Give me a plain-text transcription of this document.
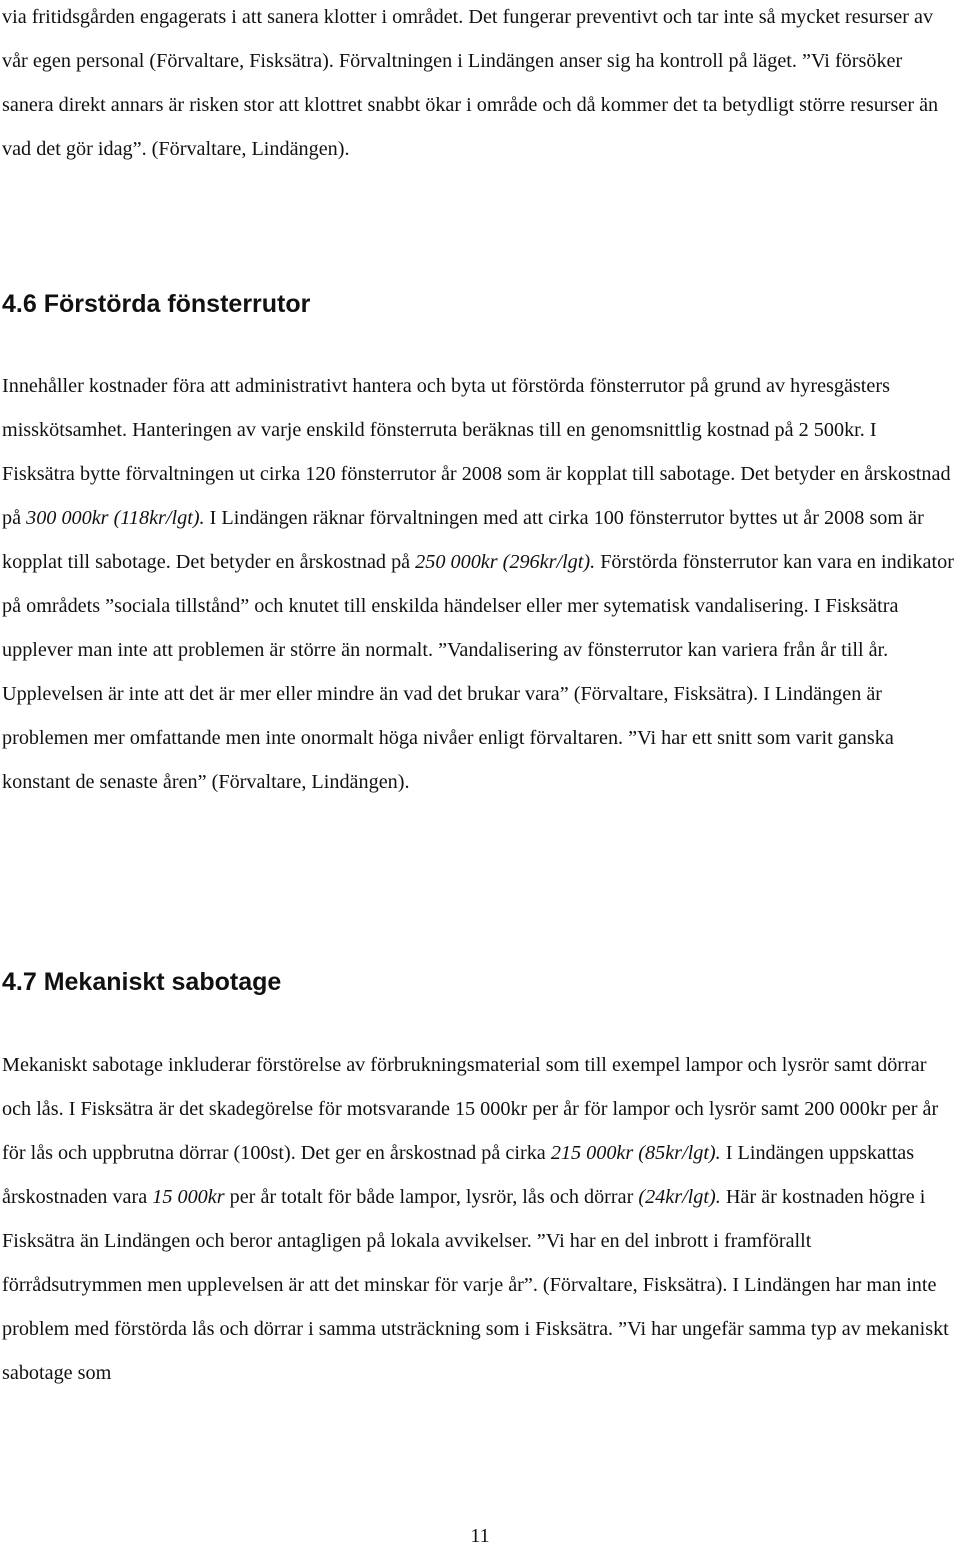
via fritidsgården engagerats i att sanera klotter i området. Det fungerar preventivt och tar inte så mycket resurser av vår egen personal (Förvaltare, Fisksätra). Förvaltningen i Lindängen anser sig ha kontroll på läget. ”Vi försöker sanera direkt annars är risken stor att klottret snabbt ökar i område och då kommer det ta betydligt större resurser än vad det gör idag”. (Förvaltare, Lindängen).

4.6 Förstörda fönsterrutor

Innehåller kostnader föra att administrativt hantera och byta ut förstörda fönsterrutor på grund av hyresgästers misskötsamhet. Hanteringen av varje enskild fönsterruta beräknas till en genomsnittlig kostnad på 2 500kr. I Fisksätra bytte förvaltningen ut cirka 120 fönsterrutor år 2008 som är kopplat till sabotage. Det betyder en årskostnad på 300 000kr (118kr/lgt). I Lindängen räknar förvaltningen med att cirka 100 fönsterrutor byttes ut år 2008 som är kopplat till sabotage. Det betyder en årskostnad på 250 000kr (296kr/lgt). Förstörda fönsterrutor kan vara en indikator på områdets ”sociala tillstånd” och knutet till enskilda händelser eller mer sytematisk vandalisering. I Fisksätra upplever man inte att problemen är större än normalt. ”Vandalisering av fönsterrutor kan variera från år till år. Upplevelsen är inte att det är mer eller mindre än vad det brukar vara” (Förvaltare, Fisksätra). I Lindängen är problemen mer omfattande men inte onormalt höga nivåer enligt förvaltaren. ”Vi har ett snitt som varit ganska konstant de senaste åren” (Förvaltare, Lindängen).

4.7 Mekaniskt sabotage

Mekaniskt sabotage inkluderar förstörelse av förbrukningsmaterial som till exempel lampor och lysrör samt dörrar och lås. I Fisksätra är det skadegörelse för motsvarande 15 000kr per år för lampor och lysrör samt 200 000kr per år för lås och uppbrutna dörrar (100st). Det ger en årskostnad på cirka 215 000kr (85kr/lgt). I Lindängen uppskattas årskostnaden vara 15 000kr per år totalt för både lampor, lysrör, lås och dörrar (24kr/lgt). Här är kostnaden högre i Fisksätra än Lindängen och beror antagligen på lokala avvikelser. ”Vi har en del inbrott i framförallt förrådsutrymmen men upplevelsen är att det minskar för varje år”. (Förvaltare, Fisksätra). I Lindängen har man inte problem med förstörda lås och dörrar i samma utsträckning som i Fisksätra. ”Vi har ungefär samma typ av mekaniskt sabotage som

11
